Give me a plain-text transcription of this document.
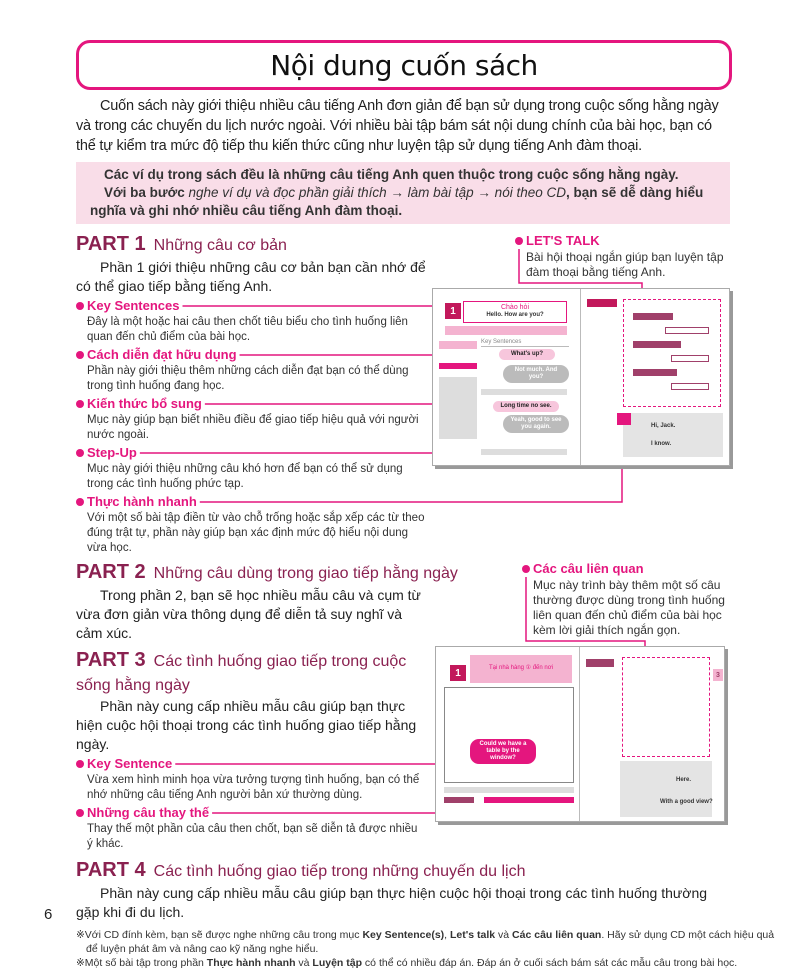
Nội dung cuốn sách

Cuốn sách này giới thiệu nhiều câu tiếng Anh đơn giản để bạn sử dụng trong cuộc sống hằng ngày và trong các chuyến du lịch nước ngoài. Với nhiều bài tập bám sát nội dung chính của bài học, bạn có thể tự kiểm tra mức độ tiếp thu kiến thức cũng như luyện tập sử dụng tiếng Anh đàm thoại.

Các ví dụ trong sách đều là những câu tiếng Anh quen thuộc trong cuộc sống hằng ngày.

Với ba bước nghe ví dụ và đọc phần giải thích → làm bài tập → nói theo CD, bạn sẽ dễ dàng hiểu nghĩa và ghi nhớ nhiều câu tiếng Anh đàm thoại.

PART 1 Những câu cơ bản

Phần 1 giới thiệu những câu cơ bản bạn cần nhớ để có thể giao tiếp bằng tiếng Anh.

Key Sentences

Đây là một hoặc hai câu then chốt tiêu biểu cho tình huống liên quan đến chủ điểm của bài học.

Cách diễn đạt hữu dụng

Phần này giới thiệu thêm những cách diễn đạt bạn có thể dùng trong tình huống đang học.

Kiến thức bổ sung

Mục này giúp bạn biết nhiều điều để giao tiếp hiệu quả với người nước ngoài.

Step-Up

Mục này giới thiệu những câu khó hơn để bạn có thể sử dụng trong các tình huống phức tạp.

Thực hành nhanh

Với một số bài tập điền từ vào chỗ trống hoặc sắp xếp các từ theo đúng trật tự, phần này giúp bạn xác định mức độ hiểu nội dung vừa học.

LET'S TALK

Bài hội thoại ngắn giúp bạn luyện tập đàm thoại bằng tiếng Anh.

1	Chào hỏi
Hello. How are you?
Key Sentences
What's up?
Not much. And you?
Long time no see.
Yeah, good to see you again.	Hi, Jack.
I know.
PART 2 Những câu dùng trong giao tiếp hằng ngày

Trong phần 2, bạn sẽ học nhiều mẫu câu và cụm từ vừa đơn giản vừa thông dụng để diễn tả suy nghĩ và cảm xúc.

PART 3 Các tình huống giao tiếp trong cuộc sống hằng ngày

Phần này cung cấp nhiều mẫu câu giúp bạn thực hiện cuộc hội thoại trong các tình huống giao tiếp hằng ngày.

Key Sentence

Vừa xem hình minh họa vừa tưởng tượng tình huống, bạn có thể nhớ những câu tiếng Anh người bản xứ thường dùng.

Những câu thay thế

Thay thế một phần của câu then chốt, bạn sẽ diễn tả được nhiều ý khác.

Các câu liên quan

Mục này trình bày thêm một số câu thường được dùng trong tình huống liên quan đến chủ điểm của bài học kèm lời giải thích ngắn gọn.

1	Tại nhà hàng ① đến nơi
Could we have a table by the window?
Here.
With a good view?
3
PART 4 Các tình huống giao tiếp trong những chuyến du lịch

Phần này cung cấp nhiều mẫu câu giúp bạn thực hiện cuộc hội thoại trong các tình huống thường gặp khi đi du lịch.

※Với CD đính kèm, bạn sẽ được nghe những câu trong mục Key Sentence(s), Let's talk và Các câu liên quan. Hãy sử dụng CD một cách hiệu quả để luyện phát âm và nâng cao kỹ năng nghe hiểu.

※Một số bài tập trong phần Thực hành nhanh và Luyện tập có thể có nhiều đáp án. Đáp án ở cuối sách bám sát các mẫu câu trong bài học.

6
